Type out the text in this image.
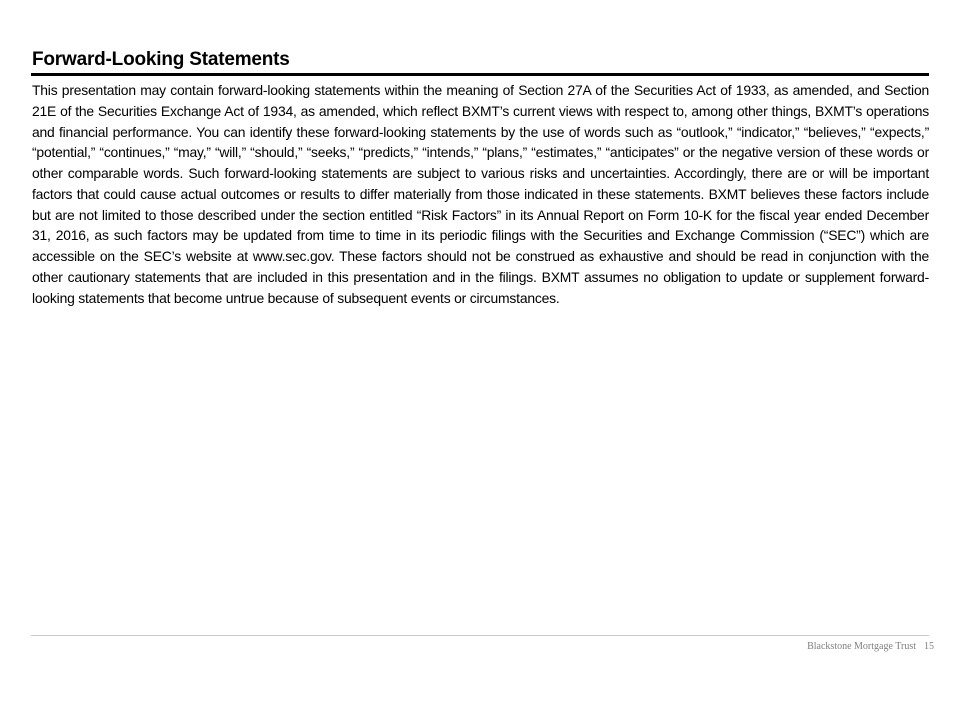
Forward-Looking Statements

This presentation may contain forward-looking statements within the meaning of Section 27A of the Securities Act of 1933, as amended, and Section 21E of the Securities Exchange Act of 1934, as amended, which reflect BXMT’s current views with respect to, among other things, BXMT’s operations and financial performance. You can identify these forward-looking statements by the use of words such as “outlook,” “indicator,” “believes,” “expects,” “potential,” “continues,” “may,” “will,” “should,” “seeks,” “predicts,” “intends,” “plans,” “estimates,” “anticipates” or the negative version of these words or other comparable words. Such forward-looking statements are subject to various risks and uncertainties. Accordingly, there are or will be important factors that could cause actual outcomes or results to differ materially from those indicated in these statements. BXMT believes these factors include but are not limited to those described under the section entitled “Risk Factors” in its Annual Report on Form 10-K for the fiscal year ended December 31, 2016, as such factors may be updated from time to time in its periodic filings with the Securities and Exchange Commission (“SEC”) which are accessible on the SEC’s website at www.sec.gov. These factors should not be construed as exhaustive and should be read in conjunction with the other cautionary statements that are included in this presentation and in the filings. BXMT assumes no obligation to update or supplement forward-looking statements that become untrue because of subsequent events or circumstances.

Blackstone Mortgage Trust 15
